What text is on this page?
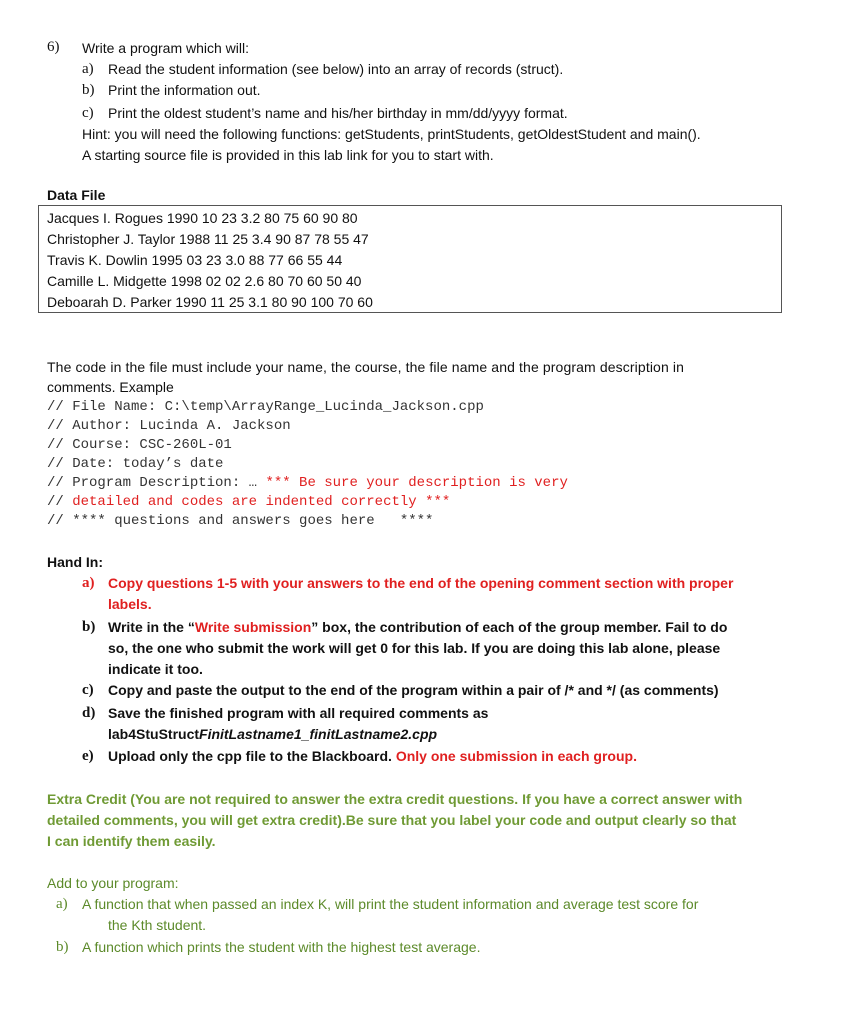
6) Write a program which will:
a) Read the student information (see below) into an array of records (struct).
b) Print the information out.
c) Print the oldest student’s name and his/her birthday in mm/dd/yyyy format.
Hint: you will need the following functions: getStudents, printStudents, getOldestStudent and main().
A starting source file is provided in this lab link for you to start with.
Data File
Jacques I. Rogues 1990 10 23 3.2 80 75 60 90 80
Christopher J. Taylor 1988 11 25 3.4 90 87 78 55 47
Travis K. Dowlin 1995 03 23 3.0 88 77 66 55 44
Camille L. Midgette 1998 02 02 2.6 80 70 60 50 40
Deboarah D. Parker 1990 11 25 3.1 80 90 100 70 60
The code in the file must include your name, the course, the file name and the program description in
comments. Example
// File Name: C:\temp\ArrayRange_Lucinda_Jackson.cpp
// Author: Lucinda A. Jackson
// Course: CSC-260L-01
// Date: today’s date
// Program Description: … *** Be sure your description is very
// detailed and codes are indented correctly ***
// **** questions and answers goes here   ****
Hand In:
a) Copy questions 1-5 with your answers to the end of the opening comment section with proper
labels.
b) Write in the “Write submission” box, the contribution of each of the group member. Fail to do
so, the one who submit the work will get 0 for this lab. If you are doing this lab alone, please
indicate it too.
c) Copy and paste the output to the end of the program within a pair of /* and */ (as comments)
d) Save the finished program with all required comments as
lab4StuStructFinitLastname1_finitLastname2.cpp
e) Upload only the cpp file to the Blackboard. Only one submission in each group.
Extra Credit (You are not required to answer the extra credit questions. If you have a correct answer with
detailed comments, you will get extra credit).Be sure that you label your code and output clearly so that
I can identify them easily.
Add to your program:
a) A function that when passed an index K, will print the student information and average test score for
the Kth student.
b) A function which prints the student with the highest test average.
